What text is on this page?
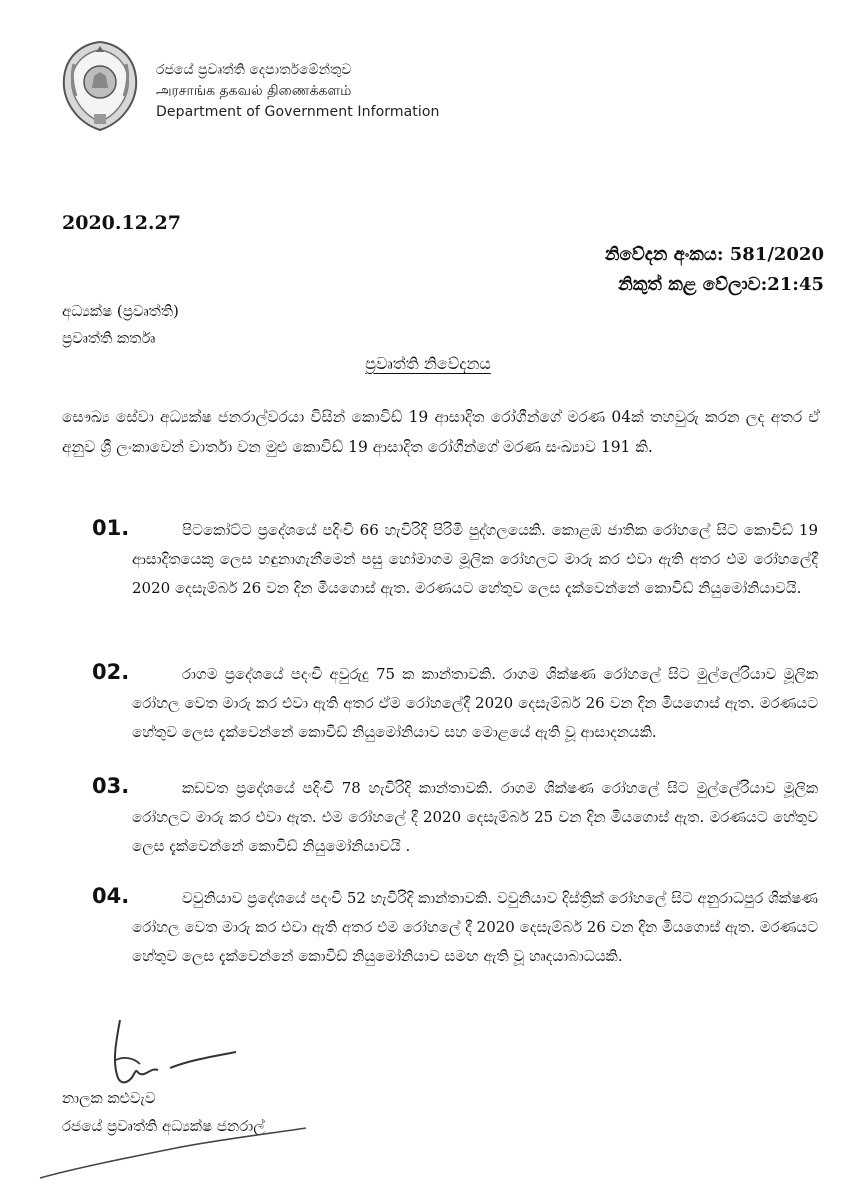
රජයේ ප්‍රවෘත්ති දෙපාර්තමේන්තුව
அரசாங்க தகவல் திணைக்களம்
Department of Government Information
2020.12.27
නිවේදන අංකය: 581/2020
නිකුත් කළ වේලාව:21:45
අධ්‍යක්ෂ (ප්‍රවෘත්ති)
ප්‍රවෘත්ති කර්තෘ
ප්‍රවෘත්ති නිවේදනය
සෞඛ්‍ය සේවා අධ්‍යක්ෂ ජනරාල්වරයා විසින් කොවිඩ් 19 ආසාදිත රෝගීන්ගේ මරණ 04ක් තහවුරු කරන ලද අතර ඒ අනුව ශ්‍රී ලංකාවෙන් වාර්තා වන මුළු කොවිඩ් 19 ආසාදිත රෝගීන්ගේ මරණ සංඛ්‍යාව 191 කි.
01.	පිටකෝට්ට ප්‍රදේශයේ පදිංචි 66 හැවිරිදි පිරිමි පුද්ගලයෙකි. කොළඹ ජාතික රෝහලේ සිට කොවිඩ් 19 ආසාදිතයෙකු ලෙස හඳුනාගැනීමෙන් පසු හෝමාගම මූලික රෝහලට මාරු කර එවා ඇති අතර එම රෝහලේදී 2020 දෙසැම්බර් 26 වන දින මියගොස් ඇත. මරණයට හේතුව ලෙස දැක්වෙන්නේ කොවිඩ් නියුමෝනියාවයි.
02.	රාගම ප්‍රදේශයේ පදංචි අවුරුදු 75 ක කාන්තාවකි. රාගම ශික්ෂණ රෝහලේ සිට මුල්ලේරියාව මූලික රෝහල වෙත මාරු කර එවා ඇති අතර ඒම රෝහලේදී 2020 දෙසැම්බර් 26 වන දින මියගොස් ඇත. මරණයට හේතුව ලෙස දැක්වෙන්නේ කොවිඩ් නියුමෝනියාව සහ මොළයේ ඇති වූ ආසාදනයකි.
03.	කඩවත ප්‍රදේශයේ පදිංචි 78 හැවිරිදි කාන්තාවකි. රාගම ශික්ෂණ රෝහලේ සිට මුල්ලේරියාව මූලික රෝහලට මාරු කර එවා ඇත. එම රෝහලේ දී 2020 දෙසැම්බර් 25 වන දින මියගොස් ඇත. මරණයට හේතුව ලෙස දැක්වෙන්නේ කොවිඩ් නියුමෝනියාවයි .
04.	වවුනියාව ප්‍රදේශයේ පදංචි 52 හැවිරිදි කාන්තාවකි. වවුනියාව දිස්ත්‍රික් රෝහලේ සිට අනුරාධපුර ශික්ෂණ රෝහල වෙත මාරු කර එවා ඇති අතර එම රෝහලේ දී 2020 දෙසැම්බර් 26 වන දින මියගොස් ඇත. මරණයට හේතුව ලෙස දැක්වෙන්නේ කොවිඩ් නියුමෝනියාව සමඟ ඇති වූ හෘදයාබාධයකි.
නාලක කළුවැව
රජයේ ප්‍රවෘත්ති අධ්‍යක්ෂ ජනරාල්
